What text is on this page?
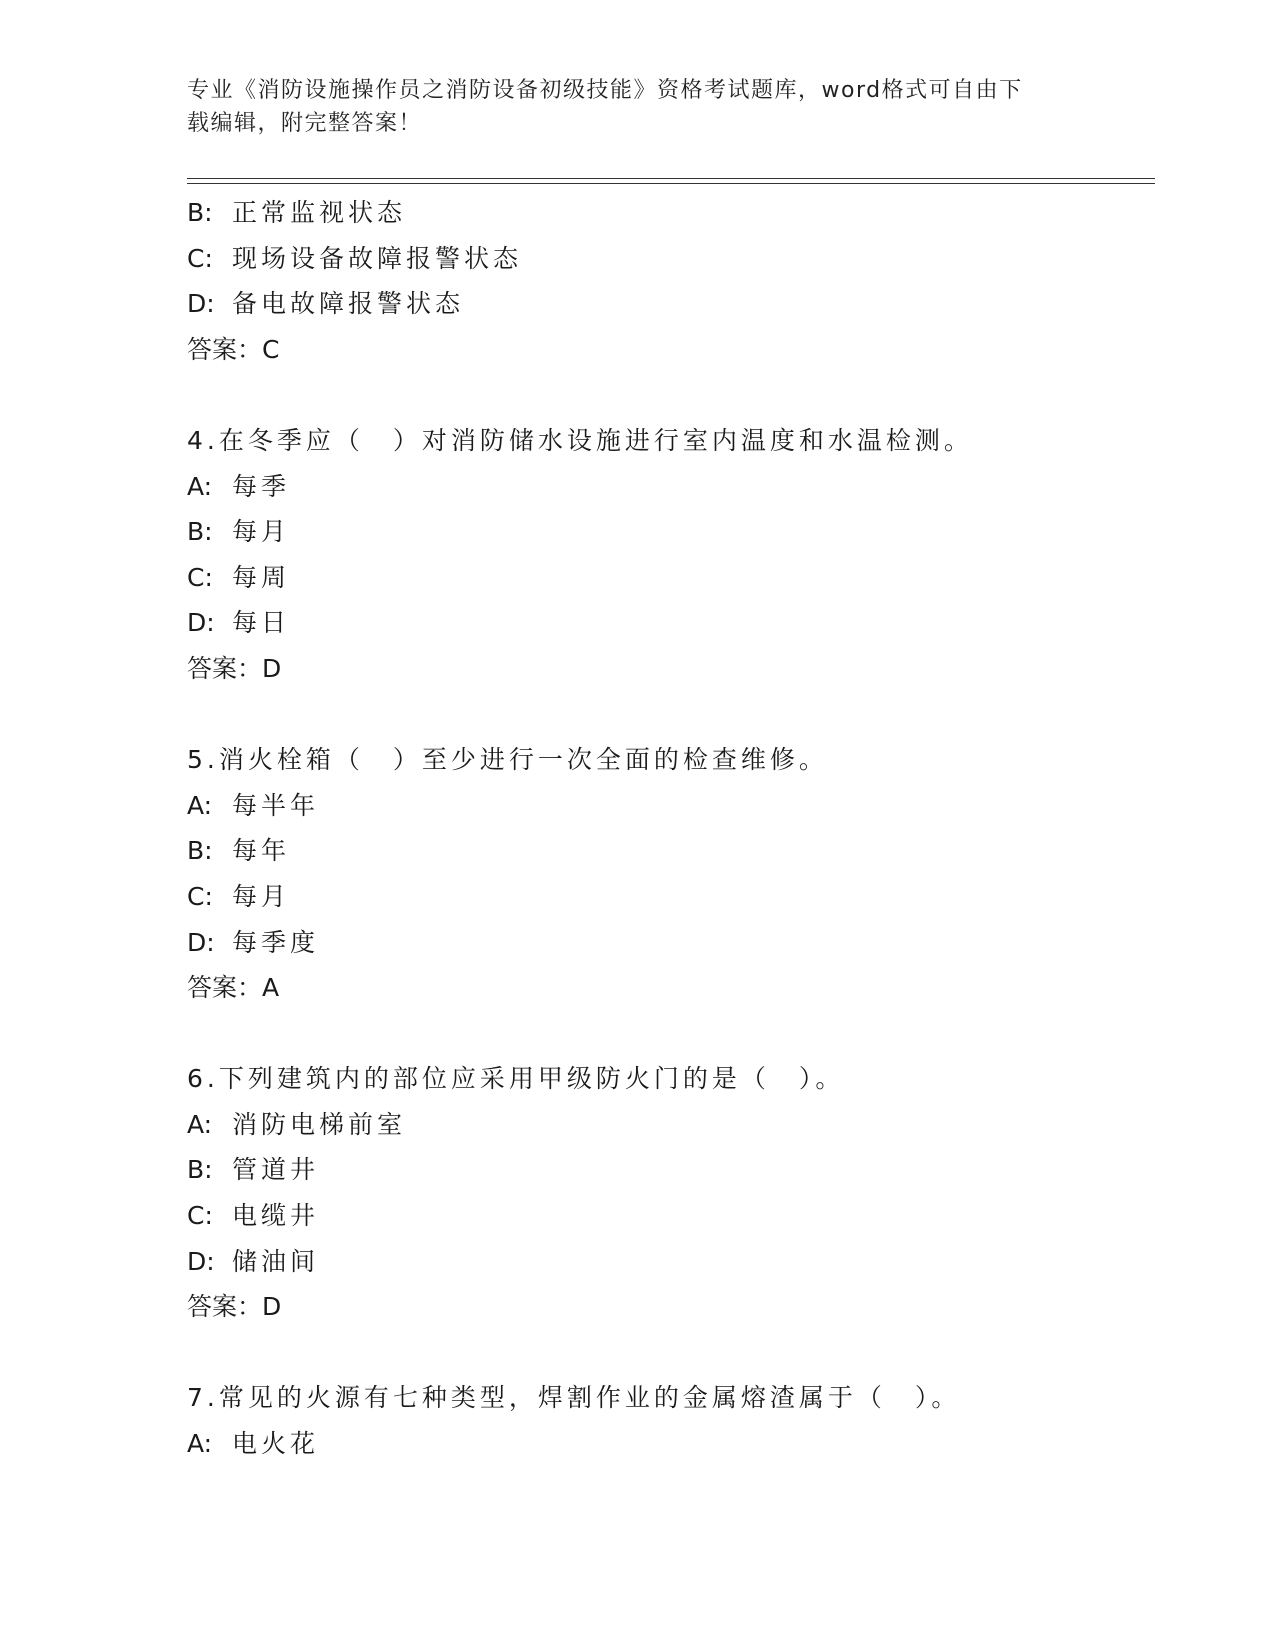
专业《消防设施操作员之消防设备初级技能》资格考试题库，word格式可自由下
载编辑，附完整答案！
B: 正常监视状态
C: 现场设备故障报警状态
D: 备电故障报警状态
答案：C
4.在冬季应（　）对消防储水设施进行室内温度和水温检测。
A: 每季
B: 每月
C: 每周
D: 每日
答案：D
5.消火栓箱（　）至少进行一次全面的检查维修。
A: 每半年
B: 每年
C: 每月
D: 每季度
答案：A
6.下列建筑内的部位应采用甲级防火门的是（　）。
A: 消防电梯前室
B: 管道井
C: 电缆井
D: 储油间
答案：D
7.常见的火源有七种类型，焊割作业的金属熔渣属于（　）。
A: 电火花
